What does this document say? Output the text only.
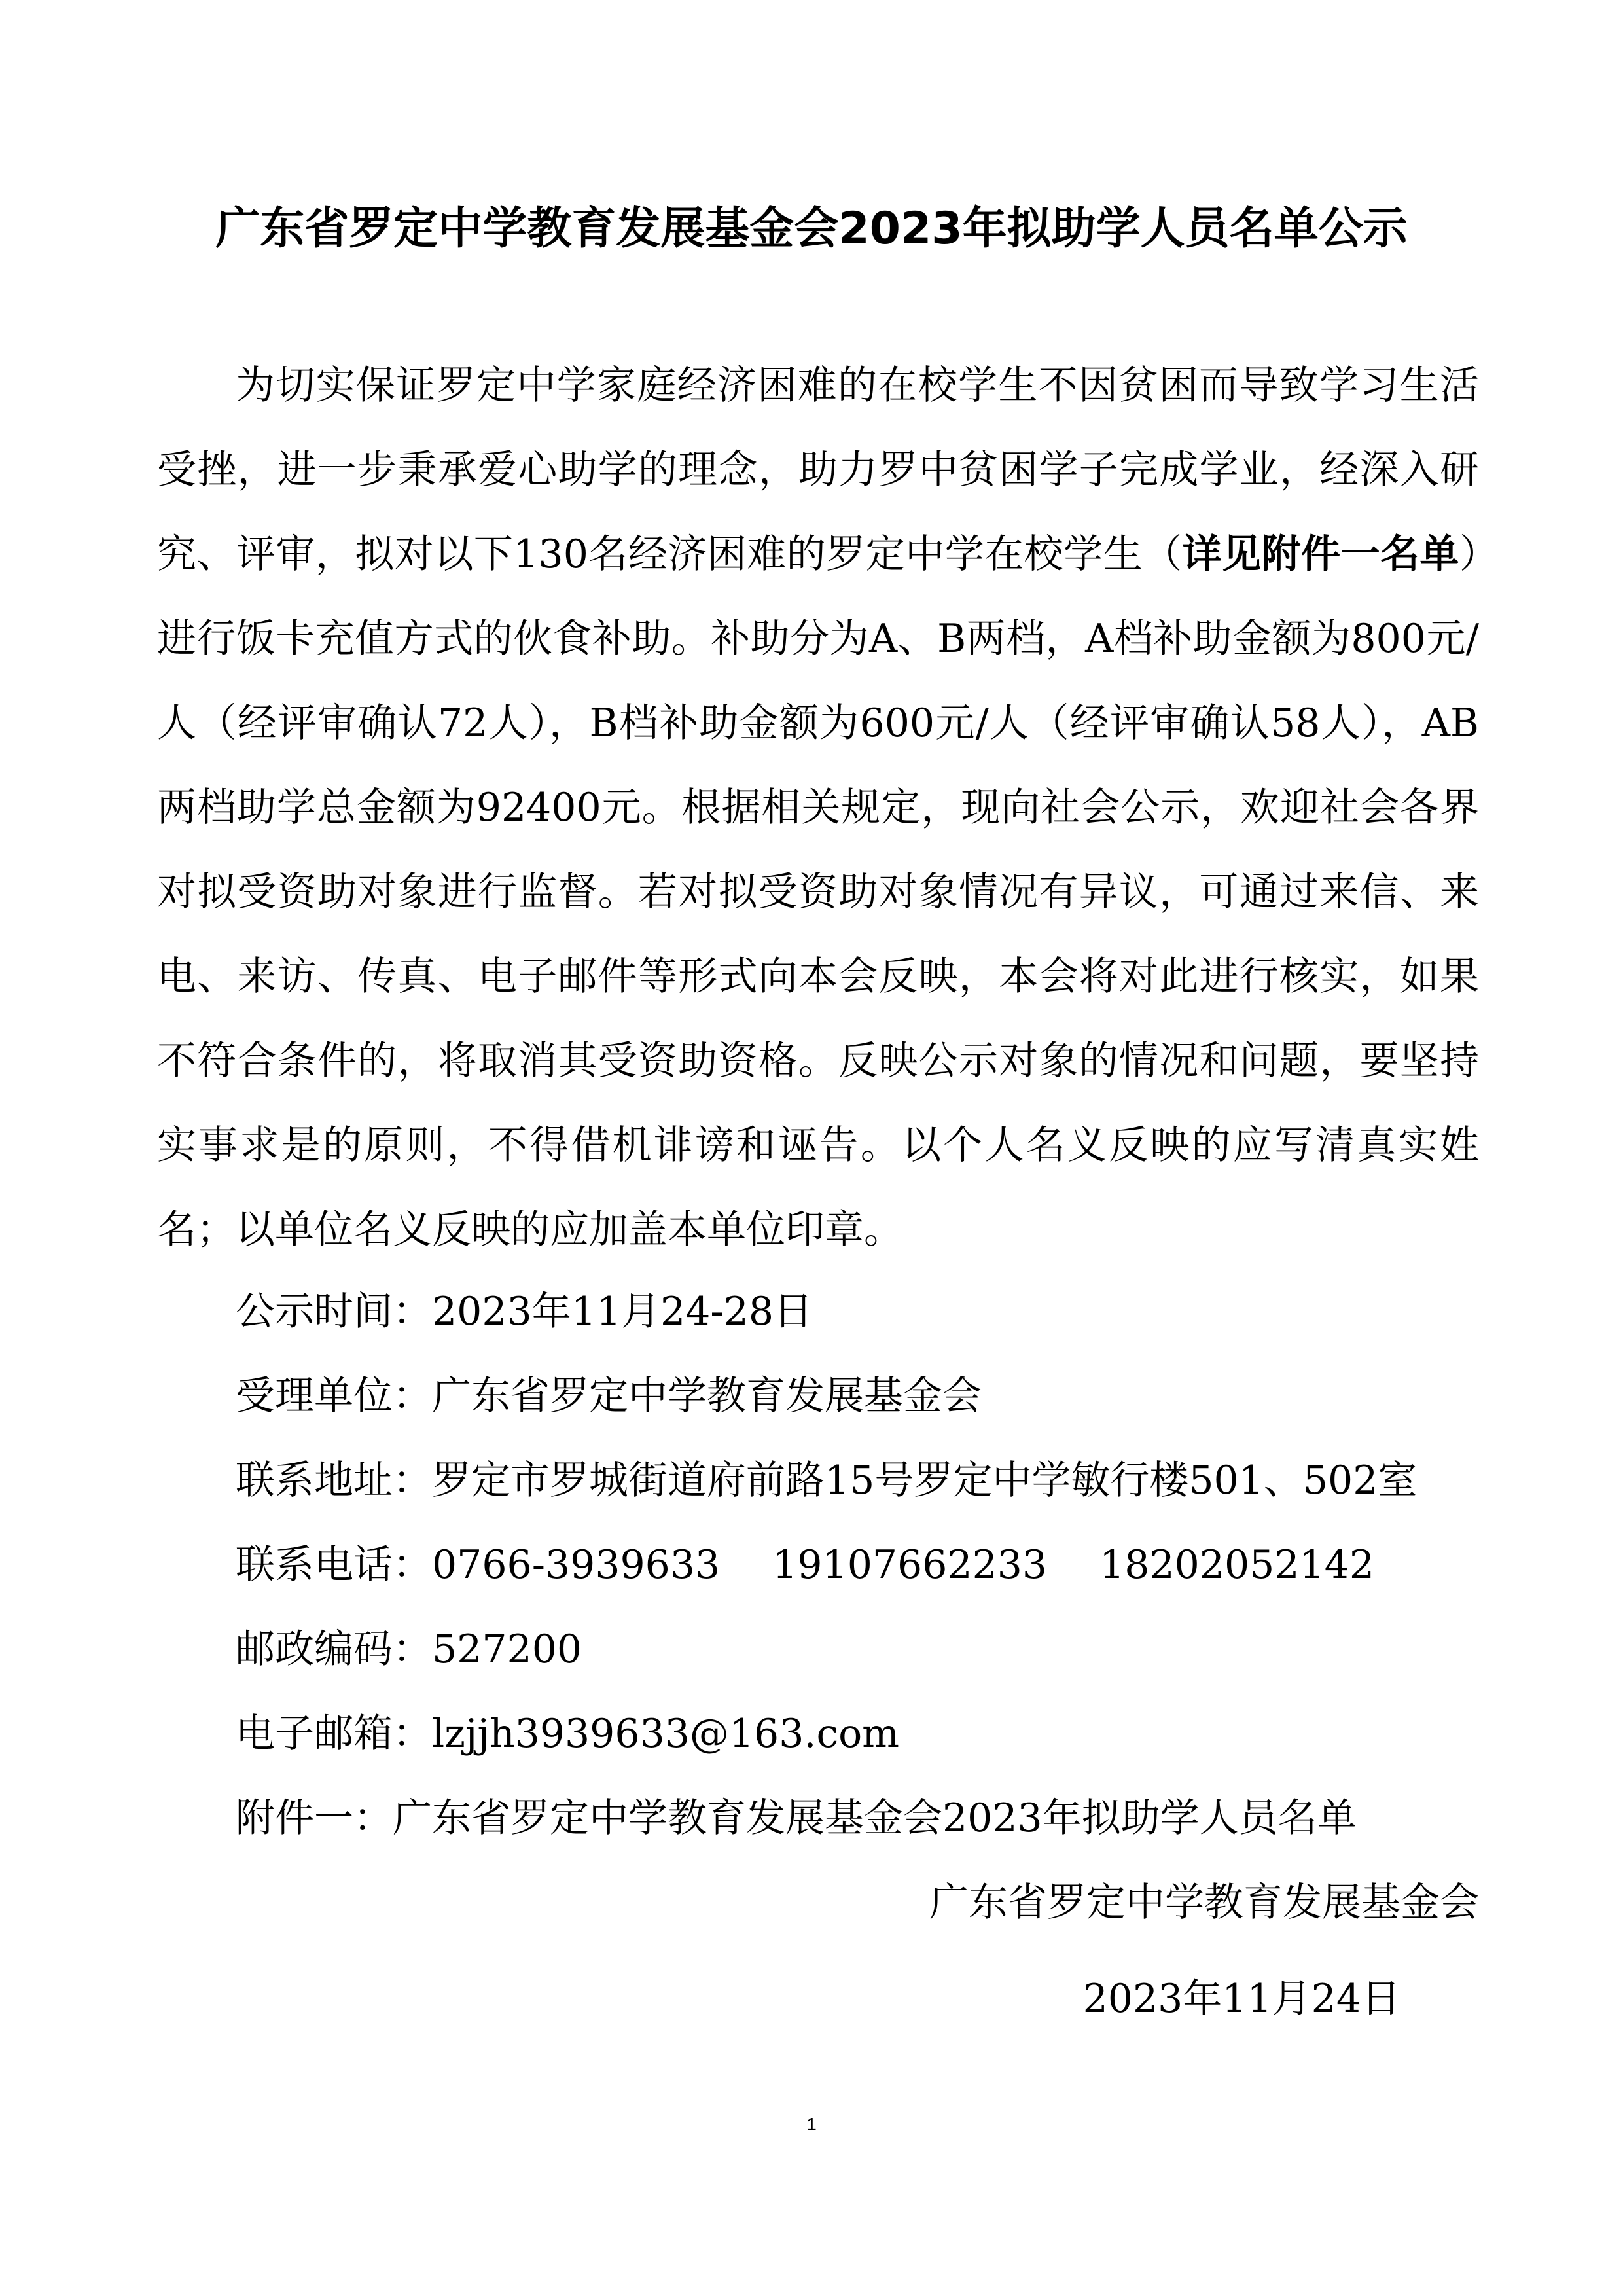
广东省罗定中学教育发展基金会2023年拟助学人员名单公示
为切实保证罗定中学家庭经济困难的在校学生不因贫困而导致学习生活受挫，进一步秉承爱心助学的理念，助力罗中贫困学子完成学业，经深入研究、评审，拟对以下130名经济困难的罗定中学在校学生（详见附件一名单）进行饭卡充值方式的伙食补助。补助分为A、B两档，A档补助金额为800元/人（经评审确认72人），B档补助金额为600元/人（经评审确认58人），AB两档助学总金额为92400元。根据相关规定，现向社会公示，欢迎社会各界对拟受资助对象进行监督。若对拟受资助对象情况有异议，可通过来信、来电、来访、传真、电子邮件等形式向本会反映，本会将对此进行核实，如果不符合条件的，将取消其受资助资格。反映公示对象的情况和问题，要坚持实事求是的原则，不得借机诽谤和诬告。以个人名义反映的应写清真实姓名；以单位名义反映的应加盖本单位印章。
公示时间：2023年11月24-28日
受理单位：广东省罗定中学教育发展基金会
联系地址：罗定市罗城街道府前路15号罗定中学敏行楼501、502室
联系电话：0766-3939633 19107662233 18202052142
邮政编码：527200
电子邮箱：lzjjh3939633@163.com
附件一：广东省罗定中学教育发展基金会2023年拟助学人员名单
广东省罗定中学教育发展基金会
2023年11月24日
1
